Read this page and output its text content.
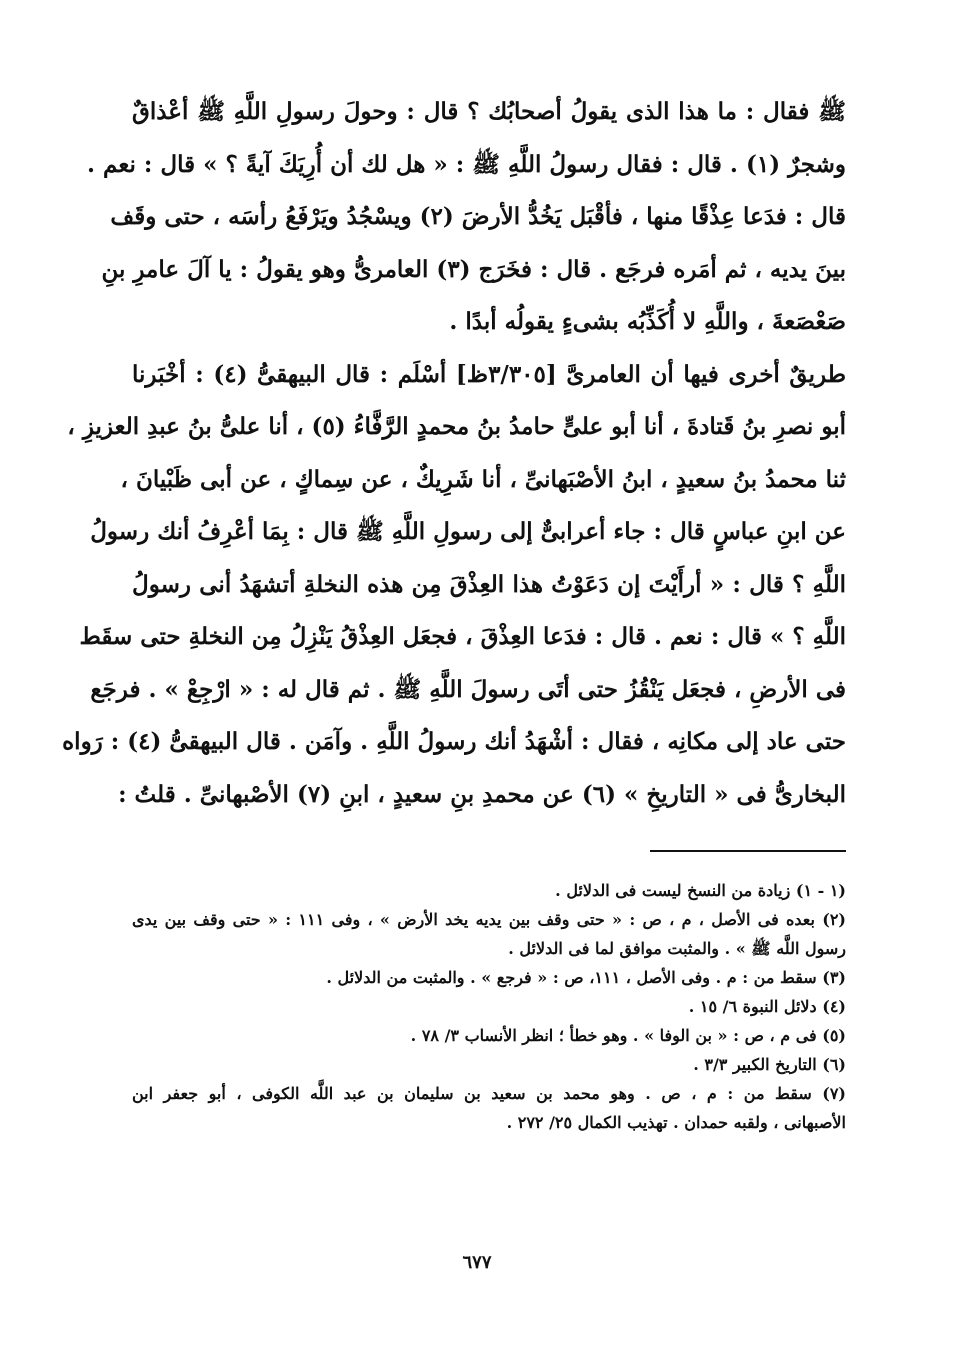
ﷺ فقال : ما هذا الذى يقولُ أصحابُك ؟ قال : وحولَ رسولِ اللَّهِ ﷺ أعْذاقٌ
وشجرٌ (١) . قال : فقال رسولُ اللَّهِ ﷺ : « هل لك أن أُرِيَكَ آيةً ؟ » قال : نعم .
قال : فدَعا عِذْقًا منها ، فأقْبَل يَخُدُّ الأرضَ (٢) ويسْجُدُ ويَرْفَعُ رأسَه ، حتى وقَف
بينَ يديه ، ثم أمَره فرجَع . قال : فخَرَج (٣) العامرىُّ وهو يقولُ : يا آلَ عامرِ بنِ
صَعْصَعةَ ، واللَّهِ لا أُكَذِّبُه بشىءٍ يقولُه أبدًا .
طريقٌ أخرى فيها أن العامرىَّ [٣/٣٠٥ظ] أسْلَم : قال البيهقىُّ (٤) : أخْبَرنا
أبو نصرِ بنُ قَتادةَ ، أنا أبو علىٍّ حامدُ بنُ محمدٍ الرَّفَّاءُ (٥) ، أنا علىُّ بنُ عبدِ العزيزِ ،
ثنا محمدُ بنُ سعيدٍ ، ابنُ الأصْبَهانىِّ ، أنا شَرِيكٌ ، عن سِماكٍ ، عن أبى ظَبْيانَ ،
عن ابنِ عباسٍ قال : جاء أعرابىٌّ إلى رسولِ اللَّهِ ﷺ قال : بِمَا أعْرِفُ أنك رسولُ
اللَّهِ ؟ قال : « أرأَيْتَ إن دَعَوْتُ هذا العِذْقَ مِن هذه النخلةِ أتشهَدُ أنى رسولُ
اللَّهِ ؟ » قال : نعم . قال : فدَعا العِذْقَ ، فجعَل العِذْقُ يَنْزِلُ مِن النخلةِ حتى سقَط
فى الأرضِ ، فجعَل يَنْقُزُ حتى أتَى رسولَ اللَّهِ ﷺ . ثم قال له : « ارْجِعْ » . فرجَع
حتى عاد إلى مكانِه ، فقال : أشْهَدُ أنك رسولُ اللَّهِ . وآمَن . قال البيهقىُّ (٤) : رَواه
البخارىُّ فى « التاريخِ » (٦) عن محمدِ بنِ سعيدٍ ، ابنِ (٧) الأصْبهانىِّ . قلتُ :
(١ - ١) زيادة من النسخ ليست فى الدلائل .
(٢) بعده فى الأصل ، م ، ص : « حتى وقف بين يديه يخد الأرض » ، وفى ١١١ : « حتى وقف بين يدى
رسول اللَّه ﷺ » . والمثبت موافق لما فى الدلائل .
(٣) سقط من : م . وفى الأصل ، ١١١، ص : « فرجع » . والمثبت من الدلائل .
(٤) دلائل النبوة ٦/ ١٥ .
(٥) فى م ، ص : « بن الوفا » . وهو خطأ ؛ انظر الأنساب ٣/ ٧٨ .
(٦) التاريخ الكبير ٣/٣ .
(٧) سقط من : م ، ص . وهو محمد بن سعيد بن سليمان بن عبد اللَّه الكوفى ، أبو جعفر ابن
الأصبهانى ، ولقبه حمدان . تهذيب الكمال ٢٥/ ٢٧٢ .
٦٧٧
